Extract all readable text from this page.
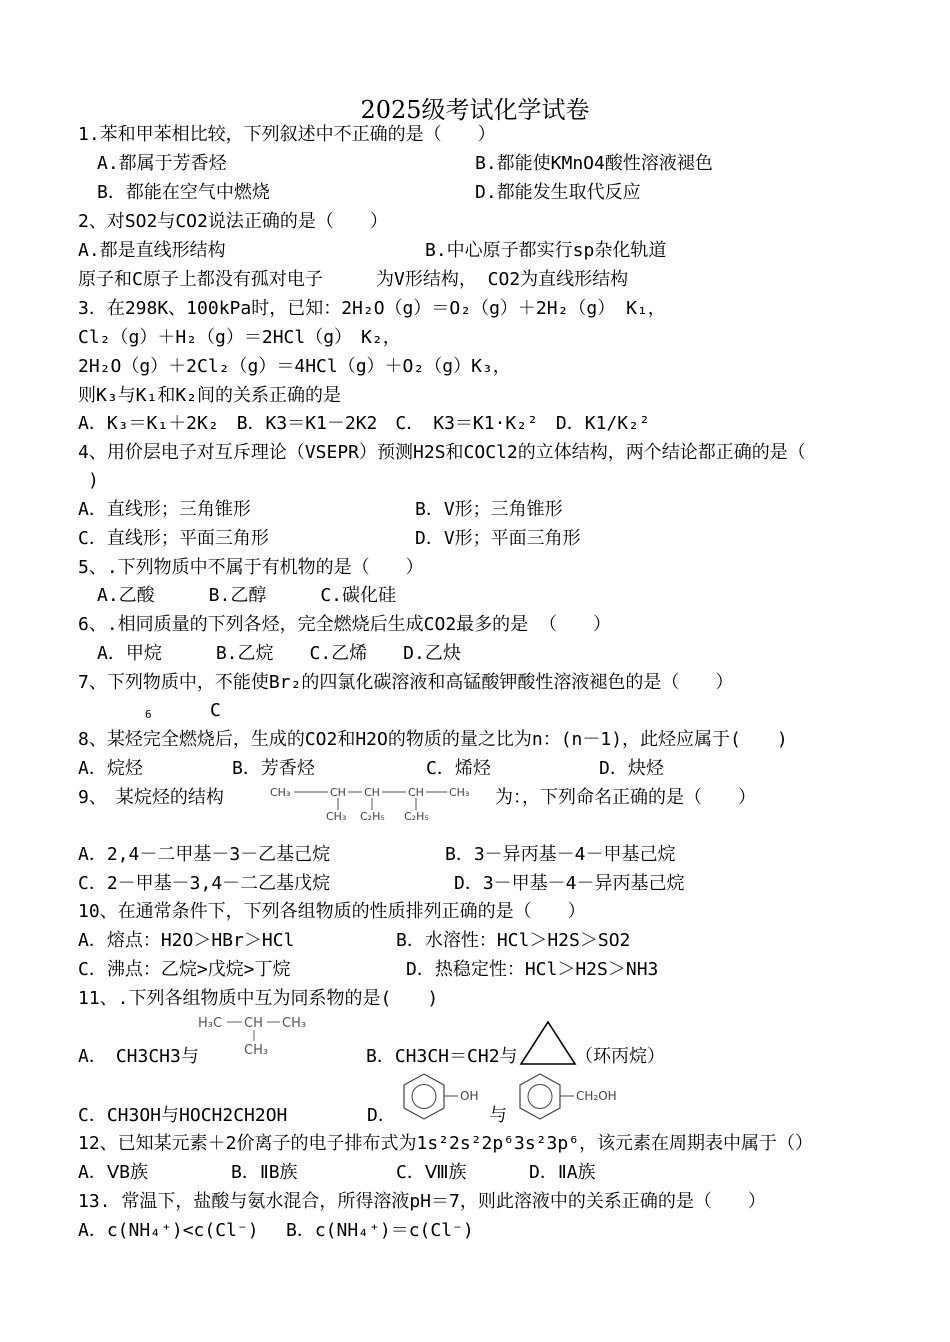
2025级考试化学试卷
1.苯和甲苯相比较，下列叙述中不正确的是（　　）
A.都属于芳香烃	B.都能使KMnO4酸性溶液褪色
B．都能在空气中燃烧	D.都能发生取代反应
2、对SO2与CO2说法正确的是（　　）
A.都是直线形结构	B.中心原子都实行sp杂化轨道
原子和C原子上都没有孤对电子	为V形结构， CO2为直线形结构
3．在298K、100kPa时，已知：2H₂O（g）＝O₂（g）＋2H₂（g） K₁，
Cl₂（g）＋H₂（g）＝2HCl（g）　K₂，
2H₂O（g）＋2Cl₂（g）＝4HCl（g）＋O₂（g）K₃，
则K₃与K₁和K₂间的关系正确的是
A．K₃＝K₁＋2K₂　B．K3＝K1－2K2　C．　K3＝K1·K₂²　D．K1/K₂²
4、用价层电子对互斥理论（VSEPR）预测H2S和COCl2的立体结构，两个结论都正确的是（
)
A．直线形；三角锥形	B．V形；三角锥形
C．直线形；平面三角形	D．V形；平面三角形
5、.下列物质中不属于有机物的是（　　）
A.乙酸　　　B.乙醇　　　C.碳化硅
6、.相同质量的下列各烃，完全燃烧后生成CO2最多的是 （　　）
A．甲烷　　　B.乙烷　　C.乙烯　　D.乙炔
7、下列物质中，不能使Br₂的四氯化碳溶液和高锰酸钾酸性溶液褪色的是（　　）
6	C
8、某烃完全燃烧后，生成的CO2和H2O的物质的量之比为n：(n－1)，此烃应属于(　　)
A．烷烃	B．芳香烃	C．烯烃	D．炔烃
9、　某烷烃的结构	CH₃	CH CH	CH CH₃
CH₃ C₂H₅ C₂H₅
为：，下列命名正确的是（　　）
A．2,4－二甲基－3－乙基己烷	B．3－异丙基－4－甲基己烷
C．2－甲基－3,4－二乙基戊烷	D．3－甲基－4－异丙基己烷
10、在通常条件下，下列各组物质的性质排列正确的是（　　）
A．熔点：H2O＞HBr＞HCl	B．水溶性：HCl＞H2S＞SO2
C．沸点：乙烷>戊烷>丁烷	D．热稳定性：HCl＞H2S＞NH3
11、.下列各组物质中互为同系物的是(　　)
H₃C CH CH₃
CH₃
A．　CH3CH3与	B．CH3CH＝CH2与	（环丙烷）
C．CH3OH与HOCH2CH2OH	D．
OH
与
CH₂OH
12、已知某元素＋2价离子的电子排布式为1s²2s²2p⁶3s²3p⁶，该元素在周期表中属于（）
A．ⅤB族	B．ⅡB族	C．Ⅷ族	D．ⅡA族
13. 常温下，盐酸与氨水混合，所得溶液pH＝7，则此溶液中的关系正确的是（　　）
A．c(NH₄⁺)<c(Cl⁻) B．c(NH₄⁺)＝c(Cl⁻)
